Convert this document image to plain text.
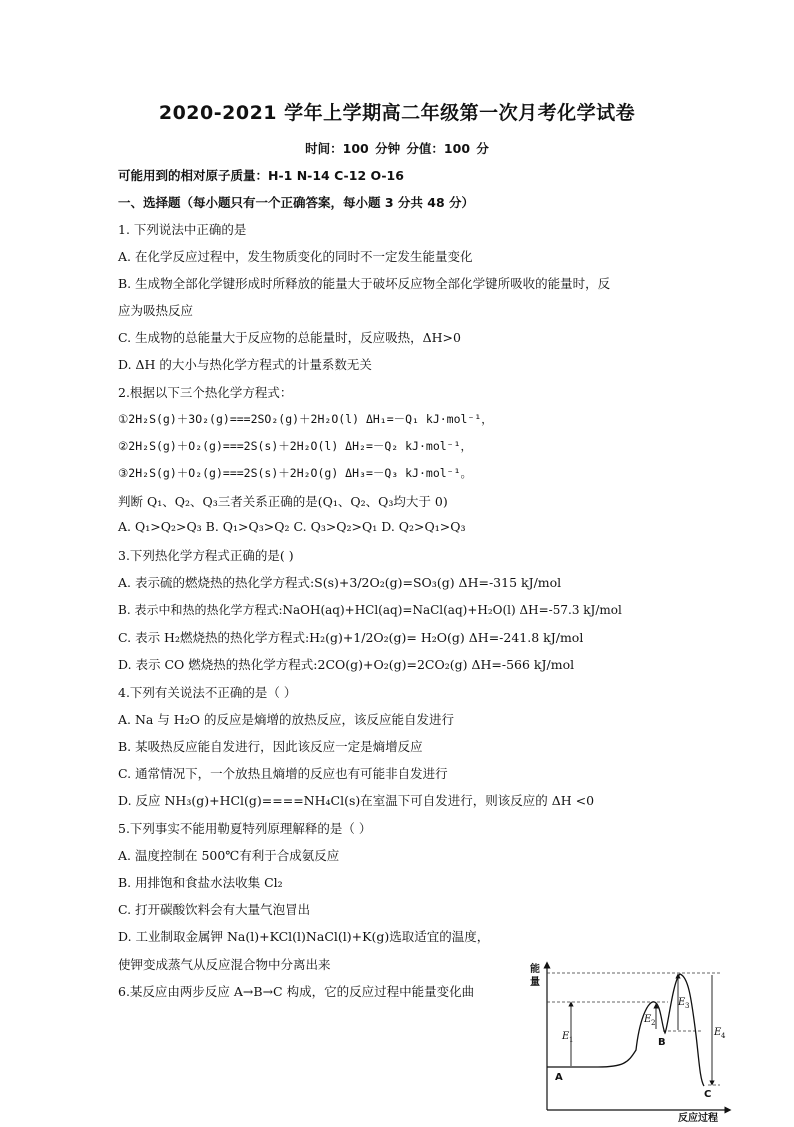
2020-2021 学年上学期高二年级第一次月考化学试卷
时间：100 分钟 分值：100 分
可能用到的相对原子质量：H-1 N-14 C-12 O-16
一、选择题（每小题只有一个正确答案，每小题 3 分共 48 分）
1. 下列说法中正确的是
A. 在化学反应过程中，发生物质变化的同时不一定发生能量变化
B. 生成物全部化学键形成时所释放的能量大于破坏反应物全部化学键所吸收的能量时，反
应为吸热反应
C. 生成物的总能量大于反应物的总能量时，反应吸热，ΔH>0
D. ΔH 的大小与热化学方程式的计量系数无关
2.根据以下三个热化学方程式：
①2H₂S(g)＋3O₂(g)===2SO₂(g)＋2H₂O(l) ΔH₁=－Q₁ kJ·mol⁻¹，
②2H₂S(g)＋O₂(g)===2S(s)＋2H₂O(l) ΔH₂=－Q₂ kJ·mol⁻¹，
③2H₂S(g)＋O₂(g)===2S(s)＋2H₂O(g) ΔH₃=－Q₃ kJ·mol⁻¹。
判断 Q₁、Q₂、Q₃三者关系正确的是(Q₁、Q₂、Q₃均大于 0)
A. Q₁>Q₂>Q₃ B. Q₁>Q₃>Q₂ C. Q₃>Q₂>Q₁ D. Q₂>Q₁>Q₃
3.下列热化学方程式正确的是( )
A. 表示硫的燃烧热的热化学方程式:S(s)+3/2O₂(g)=SO₃(g) ΔH=-315 kJ/mol
B. 表示中和热的热化学方程式:NaOH(aq)+HCl(aq)=NaCl(aq)+H₂O(l) ΔH=-57.3 kJ/mol
C. 表示 H₂燃烧热的热化学方程式:H₂(g)+1/2O₂(g)= H₂O(g) ΔH=-241.8 kJ/mol
D. 表示 CO 燃烧热的热化学方程式:2CO(g)+O₂(g)=2CO₂(g) ΔH=-566 kJ/mol
4.下列有关说法不正确的是（ ）
A. Na 与 H₂O 的反应是熵增的放热反应，该反应能自发进行
B. 某吸热反应能自发进行，因此该反应一定是熵增反应
C. 通常情况下，一个放热且熵增的反应也有可能非自发进行
D. 反应 NH₃(g)+HCl(g)====NH₄Cl(s)在室温下可自发进行，则该反应的 ΔH <0
5.下列事实不能用勒夏特列原理解释的是（ ）
A. 温度控制在 500℃有利于合成氨反应
B. 用排饱和食盐水法收集 Cl₂
C. 打开碳酸饮料会有大量气泡冒出
D. 工业制取金属钾 Na(l)+KCl(l)NaCl(l)+K(g)选取适宜的温度，
使钾变成蒸气从反应混合物中分离出来
6.某反应由两步反应 A→B→C 构成，它的反应过程中能量变化曲
能
量
反应过程
A
B
C
E 1
E 2
E 3
E 4
